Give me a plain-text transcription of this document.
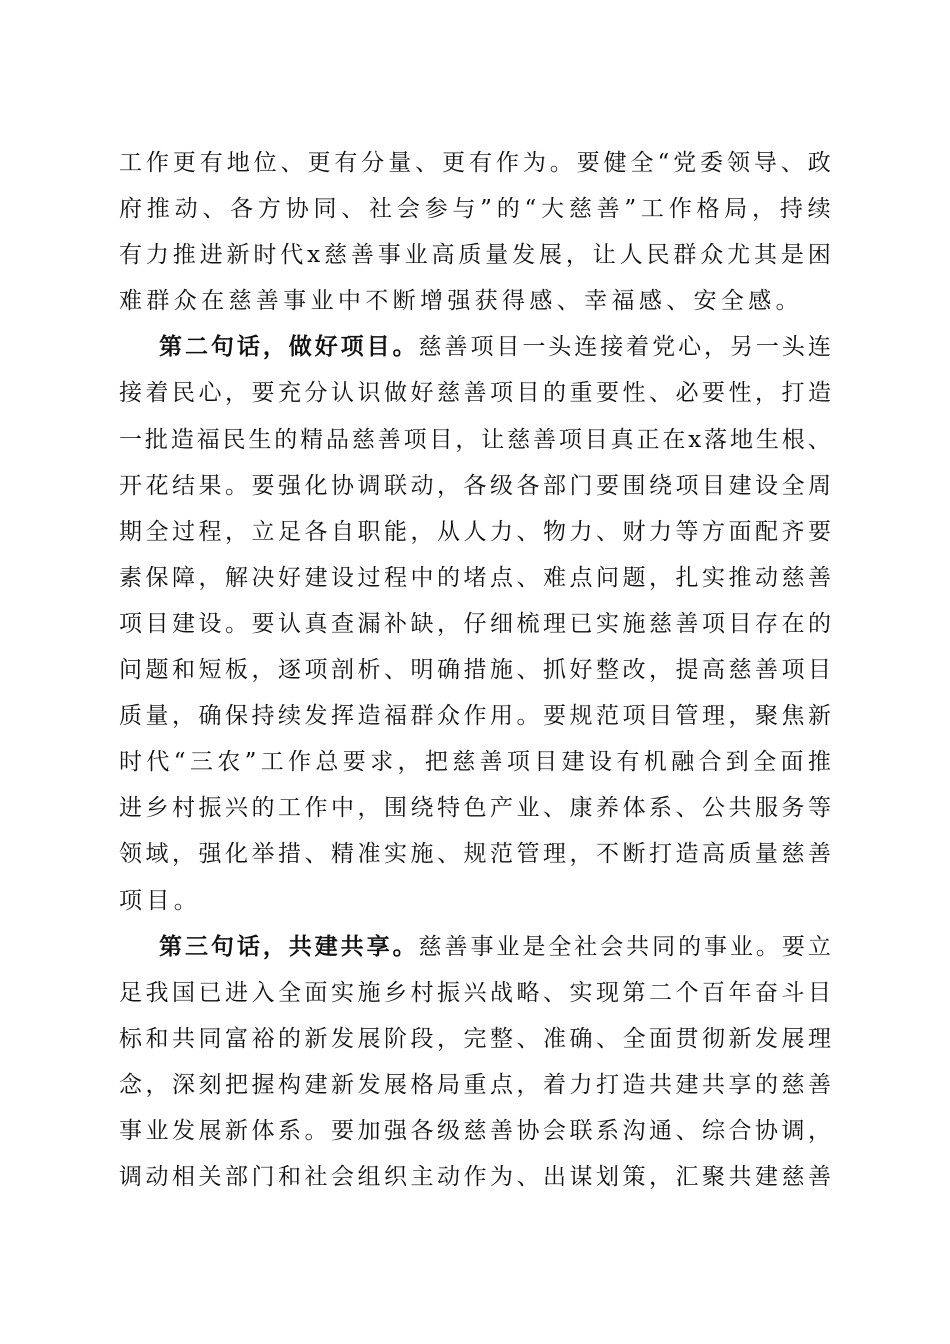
工 作 更 有 地 位 、 更 有 分 量 、 更 有 作 为 。 要 健 全 “ 党 委 领 导 、 政
府 推 动 、 各 方 协 同 、 社 会 参 与 ” 的 “ 大 慈 善 ” 工 作 格 局 ， 持 续
有 力 推 进 新 时 代 x 慈 善 事 业 高 质 量 发 展 ， 让 人 民 群 众 尤 其 是 困
难 群 众 在 慈 善 事 业 中 不 断 增 强 获 得 感 、 幸 福 感 、 安 全 感 。
第 二 句 话 ， 做 好 项 目 。 慈 善 项 目 一 头 连 接 着 党 心 ， 另 一 头 连
接 着 民 心 ， 要 充 分 认 识 做 好 慈 善 项 目 的 重 要 性 、 必 要 性 ， 打 造
一 批 造 福 民 生 的 精 品 慈 善 项 目 ， 让 慈 善 项 目 真 正 在 x 落 地 生 根 、
开 花 结 果 。 要 强 化 协 调 联 动 ， 各 级 各 部 门 要 围 绕 项 目 建 设 全 周
期 全 过 程 ， 立 足 各 自 职 能 ， 从 人 力 、 物 力 、 财 力 等 方 面 配 齐 要
素 保 障 ， 解 决 好 建 设 过 程 中 的 堵 点 、 难 点 问 题 ， 扎 实 推 动 慈 善
项 目 建 设 。 要 认 真 查 漏 补 缺 ， 仔 细 梳 理 已 实 施 慈 善 项 目 存 在 的
问 题 和 短 板 ， 逐 项 剖 析 、 明 确 措 施 、 抓 好 整 改 ， 提 高 慈 善 项 目
质 量 ， 确 保 持 续 发 挥 造 福 群 众 作 用 。 要 规 范 项 目 管 理 ， 聚 焦 新
时 代 “ 三 农 ” 工 作 总 要 求 ， 把 慈 善 项 目 建 设 有 机 融 合 到 全 面 推
进 乡 村 振 兴 的 工 作 中 ， 围 绕 特 色 产 业 、 康 养 体 系 、 公 共 服 务 等
领 域 ， 强 化 举 措 、 精 准 实 施 、 规 范 管 理 ， 不 断 打 造 高 质 量 慈 善
项 目 。
第 三 句 话 ， 共 建 共 享 。 慈 善 事 业 是 全 社 会 共 同 的 事 业 。 要 立
足 我 国 已 进 入 全 面 实 施 乡 村 振 兴 战 略 、 实 现 第 二 个 百 年 奋 斗 目
标 和 共 同 富 裕 的 新 发 展 阶 段 ， 完 整 、 准 确 、 全 面 贯 彻 新 发 展 理
念 ， 深 刻 把 握 构 建 新 发 展 格 局 重 点 ， 着 力 打 造 共 建 共 享 的 慈 善
事 业 发 展 新 体 系 。 要 加 强 各 级 慈 善 协 会 联 系 沟 通 、 综 合 协 调 ，
调 动 相 关 部 门 和 社 会 组 织 主 动 作 为 、 出 谋 划 策 ， 汇 聚 共 建 慈 善
